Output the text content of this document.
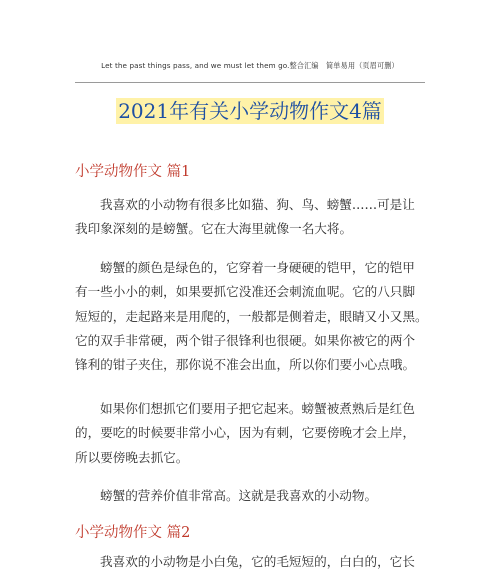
Let the past things pass, and we must let them go.整合汇编　简单易用（页眉可删）
2021年有关小学动物作文4篇
小学动物作文 篇1
我喜欢的小动物有很多比如猫、狗、鸟、螃蟹……可是让
我印象深刻的是螃蟹。它在大海里就像一名大将。
螃蟹的颜色是绿色的，它穿着一身硬硬的铠甲，它的铠甲
有一些小小的刺，如果要抓它没准还会刺流血呢。它的八只脚
短短的，走起路来是用爬的，一般都是侧着走，眼睛又小又黑。
它的双手非常硬，两个钳子很锋利也很硬。如果你被它的两个
锋利的钳子夹住，那你说不准会出血，所以你们要小心点哦。
如果你们想抓它们要用子把它起来。螃蟹被煮熟后是红色
的，要吃的时候要非常小心，因为有刺，它要傍晚才会上岸，
所以要傍晚去抓它。
螃蟹的营养价值非常高。这就是我喜欢的小动物。
小学动物作文 篇2
我喜欢的小动物是小白兔，它的毛短短的，白白的，它长
